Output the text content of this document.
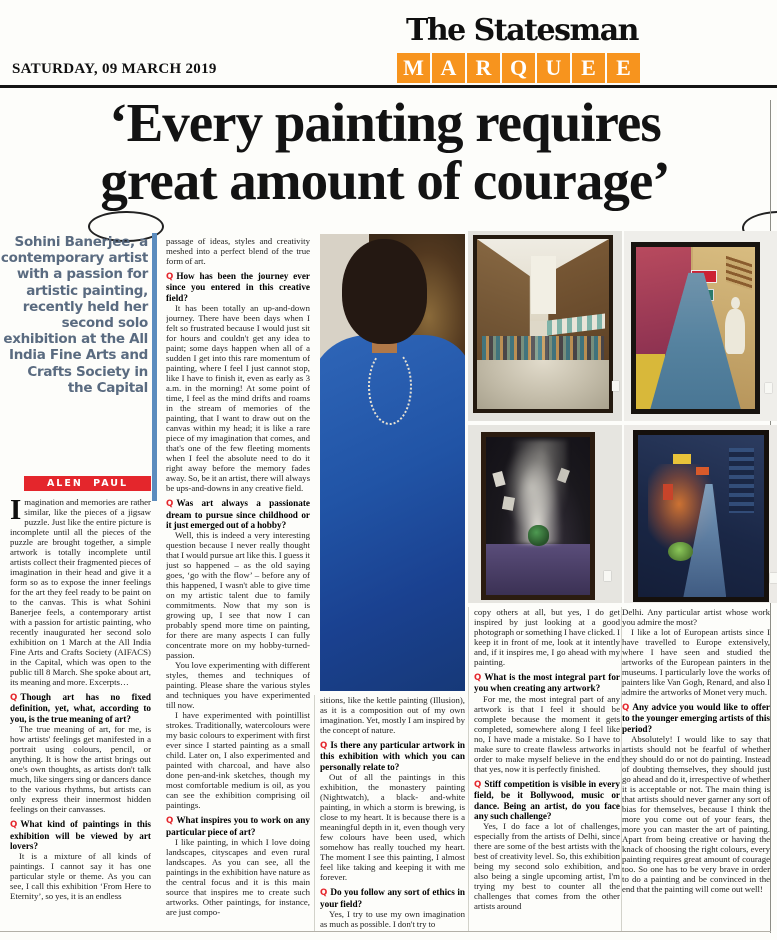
The Statesman
M A R Q U E E
SATURDAY, 09 MARCH 2019
‘Every painting requires
great amount of courage’
Sohini Banerjee, a contemporary artist with a passion for artistic painting, recently held her second solo exhibition at the All India Fine Arts and Crafts Society in the Capital
ALEN PAUL

Imagination and memories are rather similar, like the pieces of a jigsaw puzzle. Just like the entire picture is incomplete until all the pieces of the puzzle are brought together, a simple artwork is totally incomplete until artists collect their fragmented pieces of imagination in their head and give it a form so as to expose the inner feelings for the art they feel ready to be paint on to the canvas. This is what Sohini Banerjee feels, a contemporary artist with a passion for artistic painting, who recently inaugurated her second solo exhibition on 1 March at the All India Fine Arts and Crafts Society (AIFACS) in the Capital, which was open to the public till 8 March. She spoke about art, its meaning and more. Excerpts…

Q Though art has no fixed definition, yet, what, according to you, is the true meaning of art?

The true meaning of art, for me, is how artists' feelings get manifested in a portrait using colours, pencil, or anything. It is how the artist brings out one's own thoughts, as artists don't talk much, like singers sing or dancers dance to the various rhythms, but artists can only express their innermost hidden feelings on their canvasses.

Q What kind of paintings in this exhibition will be viewed by art lovers?

It is a mixture of all kinds of paintings. I cannot say it has one particular style or theme. As you can see, I call this exhibition ‘From Here to Eternity’, so yes, it is an endless

passage of ideas, styles and creativity meshed into a perfect blend of the true form of art.

Q How has been the journey ever since you entered in this creative field?

It has been totally an up-and-down journey. There have been days when I felt so frustrated because I would just sit for hours and couldn't get any idea to paint; some days happen when all of a sudden I get into this rare momentum of painting, where I feel I just cannot stop, like I have to finish it, even as early as 3 a.m. in the morning! At some point of time, I feel as the mind drifts and roams in the stream of memories of the painting, that I want to draw out on the canvas within my head; it is like a rare piece of my imagination that comes, and that's one of the few fleeting moments when I feel the absolute need to do it right away before the memory fades away. So, be it an artist, there will always be ups-and-downs in any creative field.

Q Was art always a passionate dream to pursue since childhood or it just emerged out of a hobby?

Well, this is indeed a very interesting question because I never really thought that I would pursue art like this. I guess it just so happened – as the old saying goes, ‘go with the flow’ – before any of this happened, I wasn't able to give time on my artistic talent due to family commitments. Now that my son is growing up, I see that now I can probably spend more time on painting, for there are many aspects I can fully concentrate more on my hobby-turned-passion.

You love experimenting with different styles, themes and techniques of painting. Please share the various styles and techniques you have experimented till now.

I have experimented with pointillist strokes. Traditionally, watercolours were my basic colours to experiment with first ever since I started painting as a small child. Later on, I also experimented and painted with charcoal, and have also done pen-and-ink sketches, though my most comfortable medium is oil, as you can see the exhibition comprising oil paintings.

Q What inspires you to work on any particular piece of art?

I like painting, in which I love doing landscapes, cityscapes and even rural landscapes. As you can see, all the paintings in the exhibition have nature as the central focus and it is this main source that inspires me to create such artworks. Other paintings, for instance, are just compo-

sitions, like the kettle painting (Illusion), as it is a composition out of my own imagination. Yet, mostly I am inspired by the concept of nature.

Q Is there any particular artwork in this exhibition with which you can personally relate to?

Out of all the paintings in this exhibition, the monastery painting (Nightwatch), a black- and-white painting, in which a storm is brewing, is close to my heart. It is because there is a meaningful depth in it, even though very few colours have been used, which somehow has really touched my heart. The moment I see this painting, I almost feel like taking and keeping it with me forever.

Q Do you follow any sort of ethics in your field?

Yes, I try to use my own imagination as much as possible. I don't try to

copy others at all, but yes, I do get inspired by just looking at a good photograph or something I have clicked. I keep it in front of me, look at it intently and, if it inspires me, I go ahead with my painting.

Q What is the most integral part for you when creating any artwork?

For me, the most integral part of any artwork is that I feel it should be complete because the moment it gets completed, somewhere along I feel like no, I have made a mistake. So I have to make sure to create flawless artworks in order to make myself believe in the end that yes, now it is perfectly finished.

Q Stiff competition is visible in every field, be it Bollywood, music or dance. Being an artist, do you face any such challenge?

Yes, I do face a lot of challenges, especially from the artists of Delhi, since there are some of the best artists with the best of creativity level. So, this exhibition being my second solo exhibition, and also being a single upcoming artist, I'm trying my best to counter all the challenges that comes from the other artists around

Delhi. Any particular artist whose work you admire the most?

I like a lot of European artists since I have travelled to Europe extensively, where I have seen and studied the artworks of the European painters in the museums. I particularly love the works of painters like Van Gogh, Renard, and also I admire the artworks of Monet very much.

Q Any advice you would like to offer to the younger emerging artists of this period?

Absolutely! I would like to say that artists should not be fearful of whether they should do or not do painting. Instead of doubting themselves, they should just go ahead and do it, irrespective of whether it is acceptable or not. The main thing is that artists should never garner any sort of bias for themselves, because I think the more you come out of your fears, the more you can master the art of painting. Apart from being creative or having the knack of choosing the right colours, every painting requires great amount of courage too. So one has to be very brave in order to do a painting and be convinced in the end that the painting will come out well!
